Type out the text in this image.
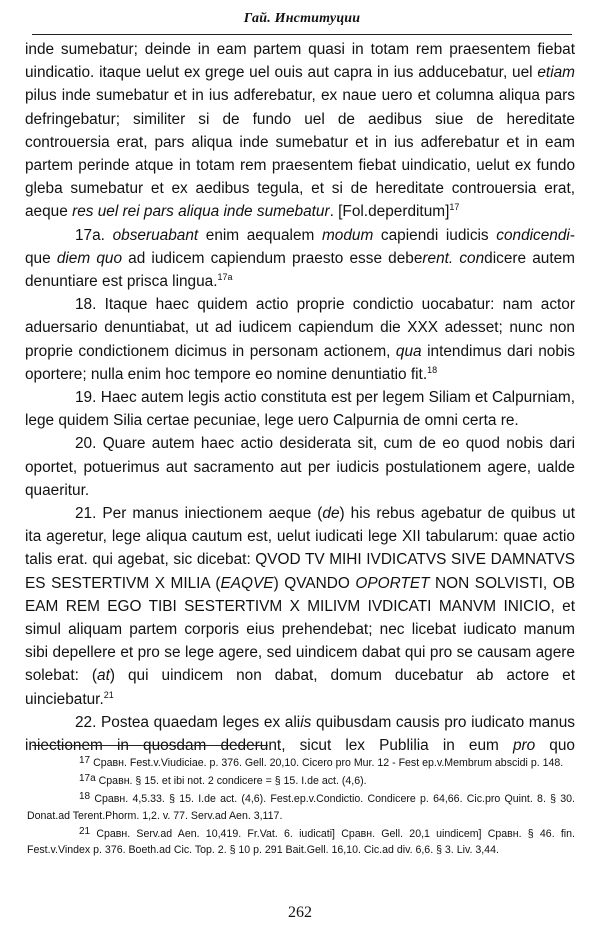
Гай. Институции

inde sumebatur; deinde in eam partem quasi in totam rem praesentem fiebat uindicatio. itaque uelut ex grege uel ouis aut capra in ius adducebatur, uel etiam pilus inde sumebatur et in ius adferebatur, ex naue uero et columna aliqua pars defringebatur; similiter si de fundo uel de aedibus siue de hereditate controuersia erat, pars aliqua inde sumebatur et in ius adferebatur et in eam partem perinde atque in totam rem praesentem fiebat uindicatio, uelut ex fundo gleba sumebatur et ex aedibus tegula, et si de hereditate controuersia erat, aeque res uel rei pars aliqua inde sumebatur. [Fol.deperditum]$^{17}$

17a. obseruabant enim aequalem modum capiendi iudicis condicendi-que diem quo ad iudicem capiendum praesto esse deberent. condicere autem denuntiare est prisca lingua.$^{17a}$

18. Itaque haec quidem actio proprie condictio uocabatur: nam actor aduersario denuntiabat, ut ad iudicem capiendum die XXX adesset; nunc non proprie condictionem dicimus in personam actionem, qua intendimus dari nobis oportere; nulla enim hoc tempore eo nomine denuntiatio fit.$^{18}$

19. Haec autem legis actio constituta est per legem Siliam et Calpurniam, lege quidem Silia certae pecuniae, lege uero Calpurnia de omni certa re.

20. Quare autem haec actio desiderata sit, cum de eo quod nobis dari oportet, potuerimus aut sacramento aut per iudicis postulationem agere, ualde quaeritur.

21. Per manus iniectionem aeque (de) his rebus agebatur de quibus ut ita ageretur, lege aliqua cautum est, uelut iudicati lege XII tabularum: quae actio talis erat. qui agebat, sic dicebat: QVOD TV MIHI IVDICATVS SIVE DAMNATVS ES SESTERTIVM X MILIA (EAQVE) QVANDO OPORTET NON SOLVISTI, OB EAM REM EGO TIBI SESTERTIVM X MILIVM IVDICATI MANVM INICIO, et simul aliquam partem corporis eius prehendebat; nec licebat iudicato manum sibi depellere et pro se lege agere, sed uindicem dabat qui pro se causam agere solebat: (at) qui uindicem non dabat, domum ducebatur ab actore et uinciebatur.$^{21}$

22. Postea quaedam leges ex aliis quibusdam causis pro iudicato manus iniectionem in quosdam dederunt, sicut lex Publilia in eum pro quo

$^{17}$ Сравн. Fest.v.Viudiciae. p. 376. Gell. 20,10. Cicero pro Mur. 12 - Fest ep.v.Membrum abscidi p. 148.

$^{17a}$ Сравн. § 15. et ibi not. 2 condicere = § 15. I.de act. (4,6).

$^{18}$ Сравн. 4,5.33. § 15. I.de act. (4,6). Fest.ep.v.Condictio. Condicere p. 64,66. Cic.pro Quint. 8. § 30. Donat.ad Terent.Phorm. 1,2. v. 77. Serv.ad Aen. 3,117.

$^{21}$ Сравн. Serv.ad Aen. 10,419. Fr.Vat. 6. iudicati] Сравн. Gell. 20,1 uindicem] Сравн. § 46. fin. Fest.v.Vindex p. 376. Boeth.ad Cic. Top. 2. § 10 p. 291 Bait.Gell. 16,10. Cic.ad div. 6,6. § 3. Liv. 3,44.

262
